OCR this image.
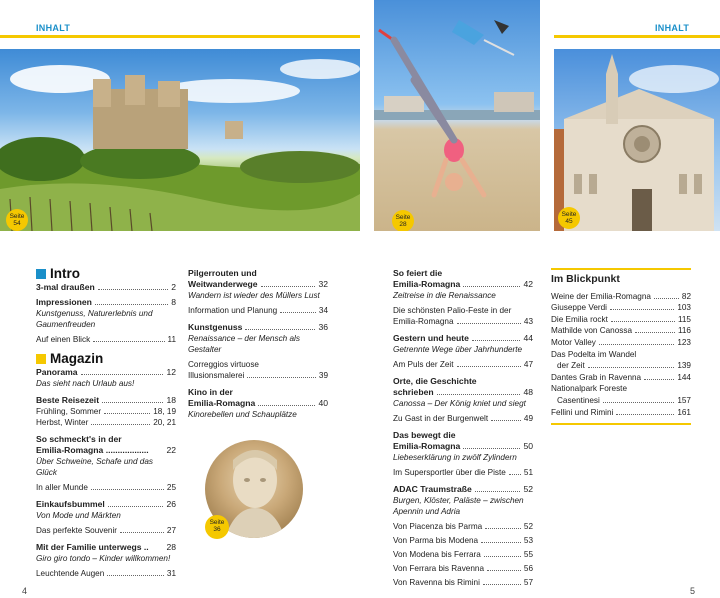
INHALT	INHALT
Seite
54
Seite
28
Seite
45
Seite
36
Intro
3-mal draußen	2
Impressionen	8
Kunstgenuss, Naturerlebnis und Gaumenfreuden
Auf einen Blick	11
Magazin
Panorama	12
Das sieht nach Urlaub aus!
Beste Reisezeit	18
Frühling, Sommer	18, 19
Herbst, Winter	20, 21
So schmeckt's in der
Emilia-Romagna .................. 22
Über Schweine, Schafe und das Glück
In aller Munde	25
Einkaufsbummel	26
Von Mode und Märkten
Das perfekte Souvenir	27
Mit der Familie unterwegs .. 28
Giro giro tondo – Kinder willkommen!
Leuchtende Augen	31
Pilgerrouten und
Weitwanderwege	32
Wandern ist wieder des Müllers Lust
Information und Planung	34
Kunstgenuss	36
Renaissance – der Mensch als Gestalter
Correggios virtuose
Illusionsmalerei	39
Kino in der
Emilia-Romagna	40
Kinorebellen und Schauplätze
So feiert die
Emilia-Romagna	42
Zeitreise in die Renaissance
Die schönsten Palio-Feste in der
Emilia-Romagna	43
Gestern und heute	44
Getrennte Wege über Jahrhunderte
Am Puls der Zeit	47
Orte, die Geschichte
schrieben	48
Canossa – Der König kniet und siegt
Zu Gast in der Burgenwelt	49
Das bewegt die
Emilia-Romagna	50
Liebeserklärung in zwölf Zylindern
Im Supersportler über die Piste 51
ADAC Traumstraße	52
Burgen, Klöster, Paläste – zwischen Apennin und Adria
Von Piacenza bis Parma	52
Von Parma bis Modena	53
Von Modena bis Ferrara	55
Von Ferrara bis Ravenna	56
Von Ravenna bis Rimini	57
Im Blickpunkt
Weine der Emilia-Romagna	82
Giuseppe Verdi	103
Die Emilia rockt	115
Mathilde von Canossa	116
Motor Valley	123
Das Podelta im Wandel
der Zeit	139
Dantes Grab in Ravenna	144
Nationalpark Foreste
Casentinesi	157
Fellini und Rimini	161
4	5
